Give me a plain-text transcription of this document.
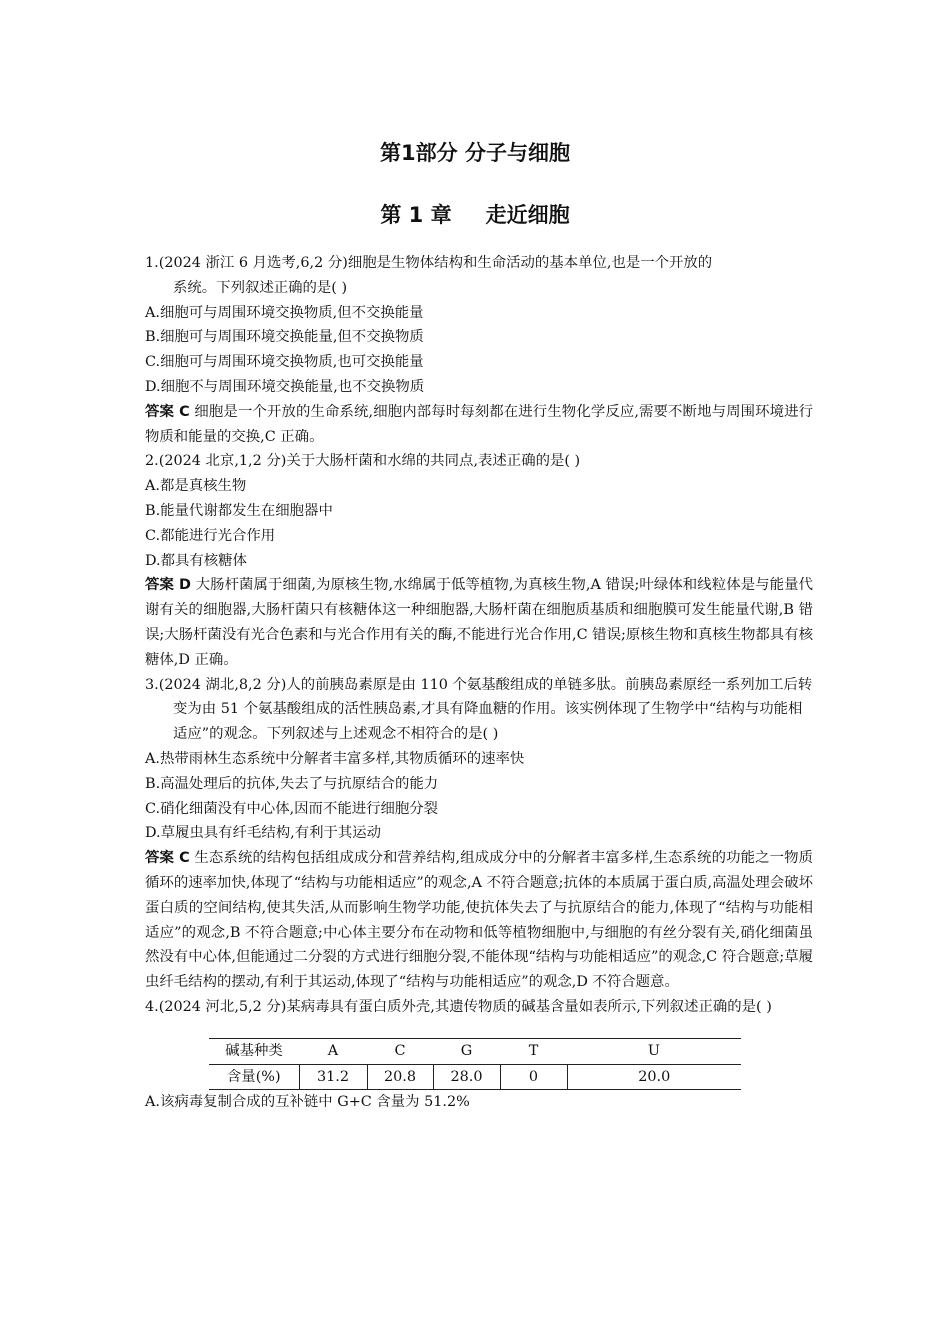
第1部分 分子与细胞
第 1 章 走近细胞
1.(2024 浙江 6 月选考,6,2 分)细胞是生物体结构和生命活动的基本单位,也是一个开放的
系统。下列叙述正确的是( )
A.细胞可与周围环境交换物质,但不交换能量
B.细胞可与周围环境交换能量,但不交换物质
C.细胞可与周围环境交换物质,也可交换能量
D.细胞不与周围环境交换能量,也不交换物质
答案 C 细胞是一个开放的生命系统,细胞内部每时每刻都在进行生物化学反应,需要不断地与周围环境进行物质和能量的交换,C 正确。
2.(2024 北京,1,2 分)关于大肠杆菌和水绵的共同点,表述正确的是( )
A.都是真核生物
B.能量代谢都发生在细胞器中
C.都能进行光合作用
D.都具有核糖体
答案 D 大肠杆菌属于细菌,为原核生物,水绵属于低等植物,为真核生物,A 错误;叶绿体和线粒体是与能量代谢有关的细胞器,大肠杆菌只有核糖体这一种细胞器,大肠杆菌在细胞质基质和细胞膜可发生能量代谢,B 错误;大肠杆菌没有光合色素和与光合作用有关的酶,不能进行光合作用,C 错误;原核生物和真核生物都具有核糖体,D 正确。
3.(2024 湖北,8,2 分)人的前胰岛素原是由 110 个氨基酸组成的单链多肽。前胰岛素原经一系列加工后转变为由 51 个氨基酸组成的活性胰岛素,才具有降血糖的作用。该实例体现了生物学中“结构与功能相适应”的观念。下列叙述与上述观念不相符合的是( )
A.热带雨林生态系统中分解者丰富多样,其物质循环的速率快
B.高温处理后的抗体,失去了与抗原结合的能力
C.硝化细菌没有中心体,因而不能进行细胞分裂
D.草履虫具有纤毛结构,有利于其运动
答案 C 生态系统的结构包括组成成分和营养结构,组成成分中的分解者丰富多样,生态系统的功能之一物质循环的速率加快,体现了“结构与功能相适应”的观念,A 不符合题意;抗体的本质属于蛋白质,高温处理会破坏蛋白质的空间结构,使其失活,从而影响生物学功能,使抗体失去了与抗原结合的能力,体现了“结构与功能相适应”的观念,B 不符合题意;中心体主要分布在动物和低等植物细胞中,与细胞的有丝分裂有关,硝化细菌虽然没有中心体,但能通过二分裂的方式进行细胞分裂,不能体现“结构与功能相适应”的观念,C 符合题意;草履虫纤毛结构的摆动,有利于其运动,体现了“结构与功能相适应”的观念,D 不符合题意。
4.(2024 河北,5,2 分)某病毒具有蛋白质外壳,其遗传物质的碱基含量如表所示,下列叙述正确的是( )
碱基种类	A	C	G	T	U
含量(%)	31.2	20.8	28.0	0	20.0
A.该病毒复制合成的互补链中 G+C 含量为 51.2%
